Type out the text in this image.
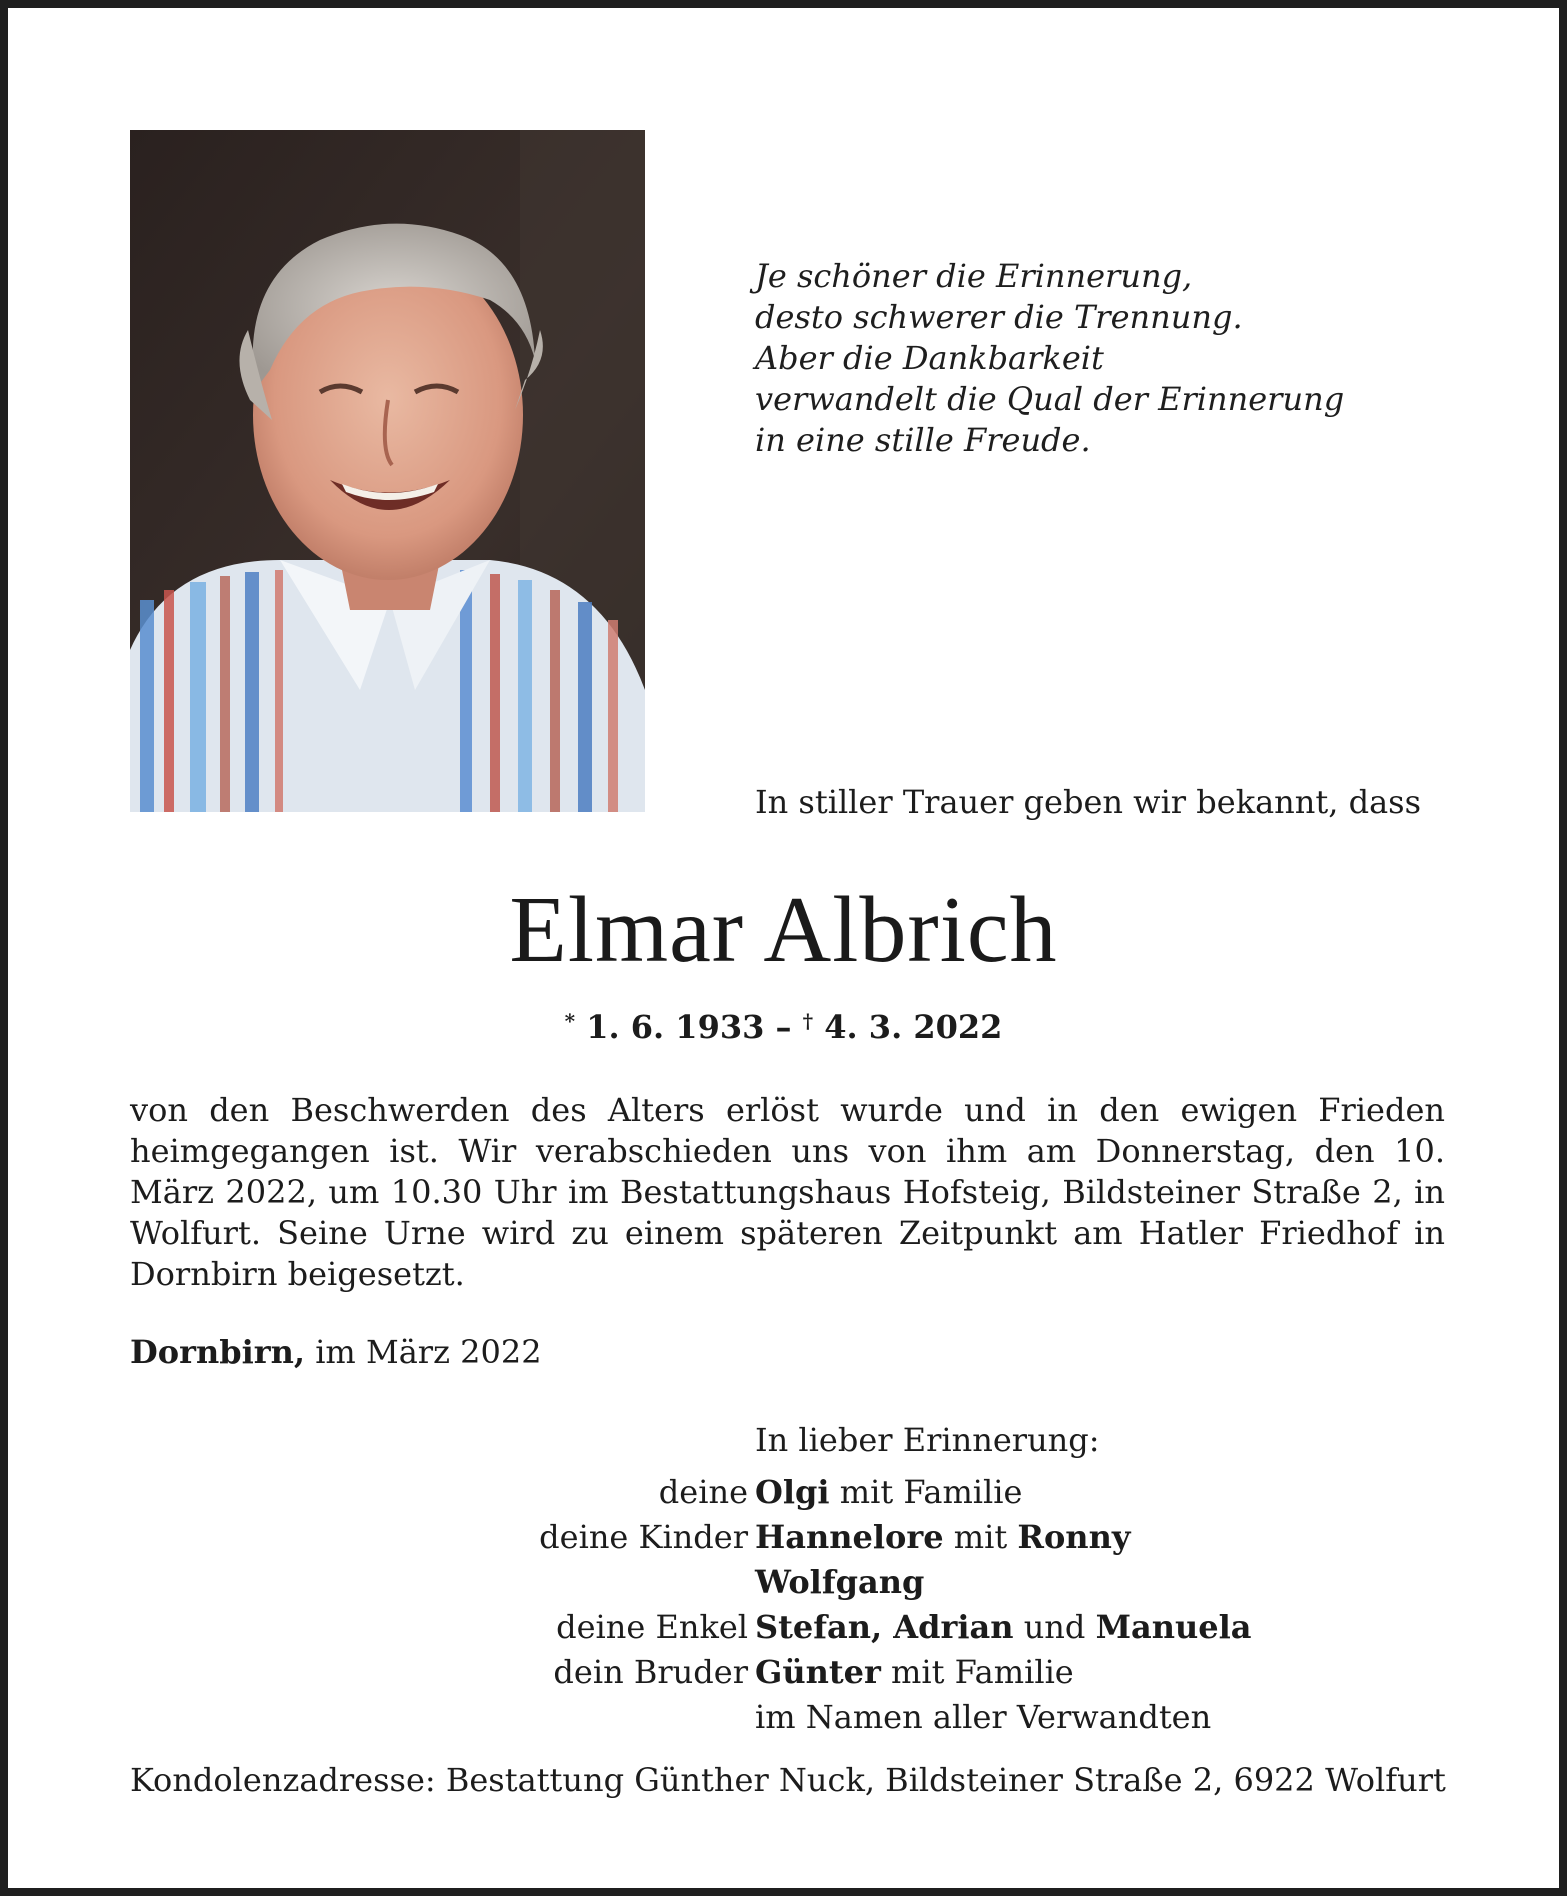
Je schöner die Erinnerung,
desto schwerer die Trennung.
Aber die Dankbarkeit
verwandelt die Qual der Erinnerung
in eine stille Freude.
In stiller Trauer geben wir bekannt, dass
Elmar Albrich
* 1. 6. 1933 – † 4. 3. 2022
von den Beschwerden des Alters erlöst wurde und in den ewigen Frieden heimgegangen ist. Wir verabschieden uns von ihm am Donnerstag, den 10. März 2022, um 10.30 Uhr im Bestattungshaus Hofsteig, Bildsteiner Straße 2, in Wolfurt. Seine Urne wird zu einem späteren Zeitpunkt am Hatler Friedhof in Dornbirn beigesetzt.
Dornbirn, im März 2022
In lieber Erinnerung:
deine Olgi mit Familie
deine Kinder Hannelore mit Ronny
Wolfgang
deine Enkel Stefan, Adrian und Manuela
dein Bruder Günter mit Familie
im Namen aller Verwandten
Kondolenzadresse: Bestattung Günther Nuck, Bildsteiner Straße 2, 6922 Wolfurt
